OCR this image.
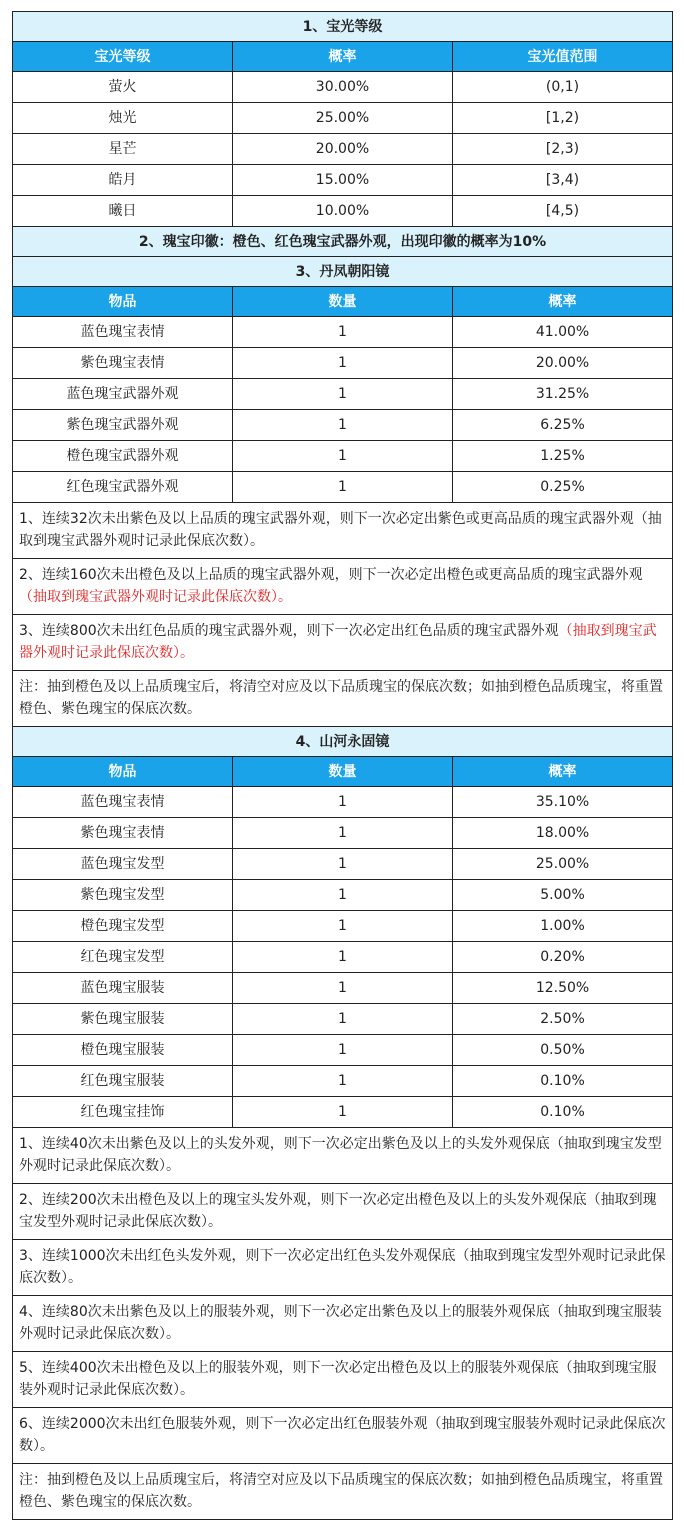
1、宝光等级		
宝光等级	概率	宝光值范围
萤火	30.00%	(0,1)
烛光	25.00%	[1,2)
星芒	20.00%	[2,3)
皓月	15.00%	[3,4)
曦日	10.00%	[4,5)
2、瑰宝印徽：橙色、红色瑰宝武器外观，出现印徽的概率为10%		
3、丹凤朝阳镜		
物品	数量	概率
蓝色瑰宝表情	1	41.00%
紫色瑰宝表情	1	20.00%
蓝色瑰宝武器外观	1	31.25%
紫色瑰宝武器外观	1	6.25%
橙色瑰宝武器外观	1	1.25%
红色瑰宝武器外观	1	0.25%
1、连续32次未出紫色及以上品质的瑰宝武器外观，则下一次必定出紫色或更高品质的瑰宝武器外观（抽取到瑰宝武器外观时记录此保底次数）。		
2、连续160次未出橙色及以上品质的瑰宝武器外观，则下一次必定出橙色或更高品质的瑰宝武器外观（抽取到瑰宝武器外观时记录此保底次数）。		
3、连续800次未出红色品质的瑰宝武器外观，则下一次必定出红色品质的瑰宝武器外观（抽取到瑰宝武器外观时记录此保底次数）。		
注：抽到橙色及以上品质瑰宝后，将清空对应及以下品质瑰宝的保底次数；如抽到橙色品质瑰宝，将重置橙色、紫色瑰宝的保底次数。		
4、山河永固镜		
物品	数量	概率
蓝色瑰宝表情	1	35.10%
紫色瑰宝表情	1	18.00%
蓝色瑰宝发型	1	25.00%
紫色瑰宝发型	1	5.00%
橙色瑰宝发型	1	1.00%
红色瑰宝发型	1	0.20%
蓝色瑰宝服装	1	12.50%
紫色瑰宝服装	1	2.50%
橙色瑰宝服装	1	0.50%
红色瑰宝服装	1	0.10%
红色瑰宝挂饰	1	0.10%
1、连续40次未出紫色及以上的头发外观，则下一次必定出紫色及以上的头发外观保底（抽取到瑰宝发型外观时记录此保底次数）。		
2、连续200次未出橙色及以上的瑰宝头发外观，则下一次必定出橙色及以上的头发外观保底（抽取到瑰宝发型外观时记录此保底次数）。		
3、连续1000次未出红色头发外观，则下一次必定出红色头发外观保底（抽取到瑰宝发型外观时记录此保底次数）。		
4、连续80次未出紫色及以上的服装外观，则下一次必定出紫色及以上的服装外观保底（抽取到瑰宝服装外观时记录此保底次数）。		
5、连续400次未出橙色及以上的服装外观，则下一次必定出橙色及以上的服装外观保底（抽取到瑰宝服装外观时记录此保底次数）。		
6、连续2000次未出红色服装外观，则下一次必定出红色服装外观（抽取到瑰宝服装外观时记录此保底次数）。		
注：抽到橙色及以上品质瑰宝后，将清空对应及以下品质瑰宝的保底次数；如抽到橙色品质瑰宝，将重置橙色、紫色瑰宝的保底次数。		
